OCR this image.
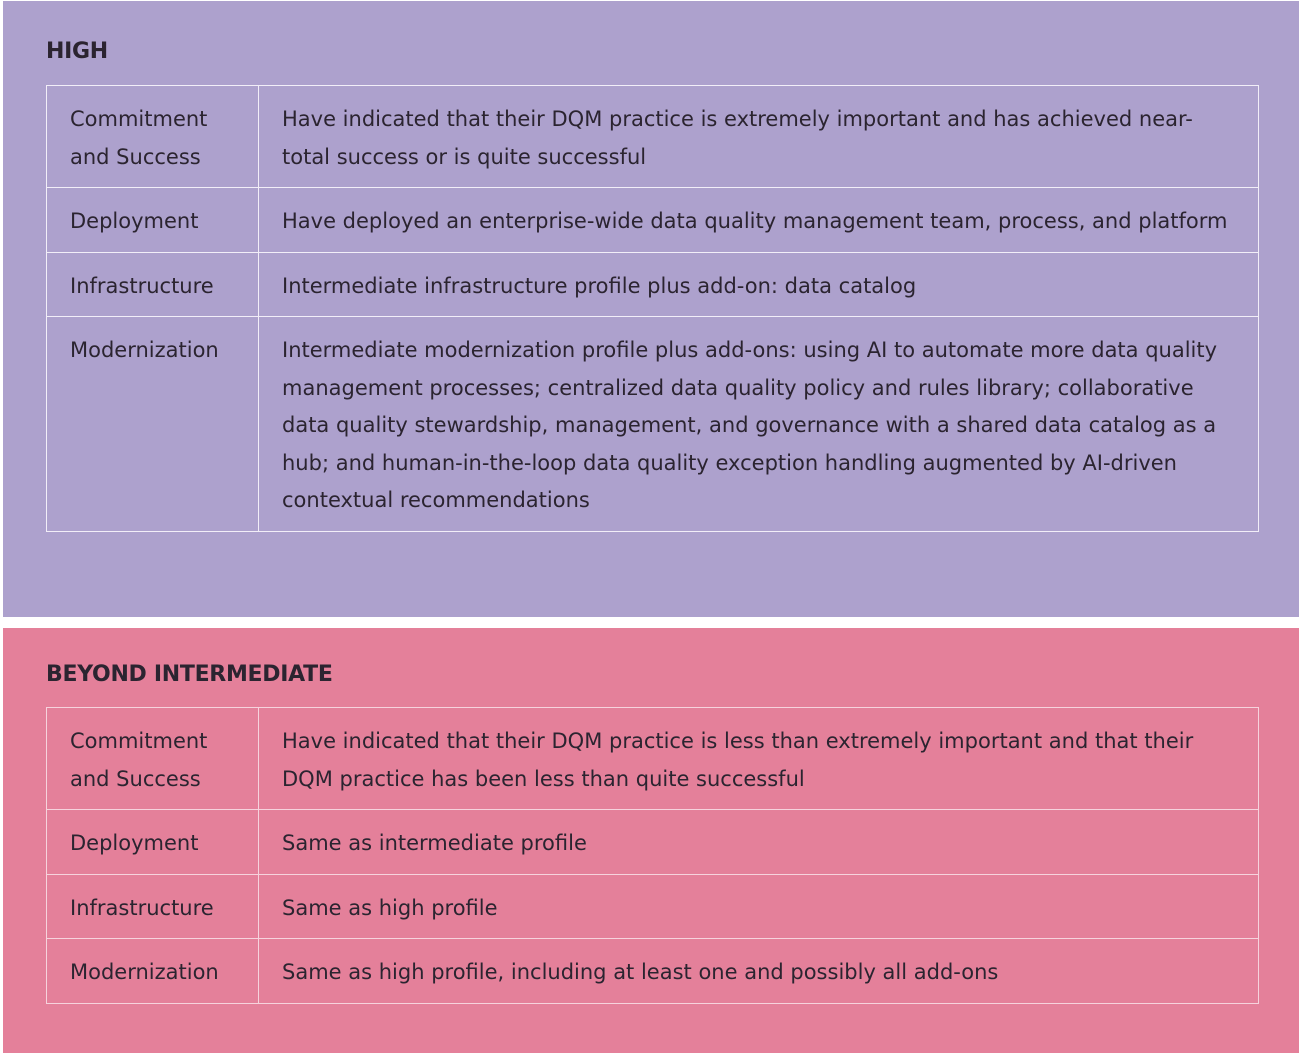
HIGH
Commitment and Success	Have indicated that their DQM practice is extremely important and has achieved near-total success or is quite successful
Deployment	Have deployed an enterprise-wide data quality management team, process, and platform
Infrastructure	Intermediate infrastructure profile plus add-on: data catalog
Modernization	Intermediate modernization profile plus add-ons: using AI to automate more data quality management processes; centralized data quality policy and rules library; collaborative data quality stewardship, management, and governance with a shared data catalog as a hub; and human-in-the-loop data quality exception handling augmented by AI-driven contextual recommendations
BEYOND INTERMEDIATE
Commitment and Success	Have indicated that their DQM practice is less than extremely important and that their DQM practice has been less than quite successful
Deployment	Same as intermediate profile
Infrastructure	Same as high profile
Modernization	Same as high profile, including at least one and possibly all add-ons
